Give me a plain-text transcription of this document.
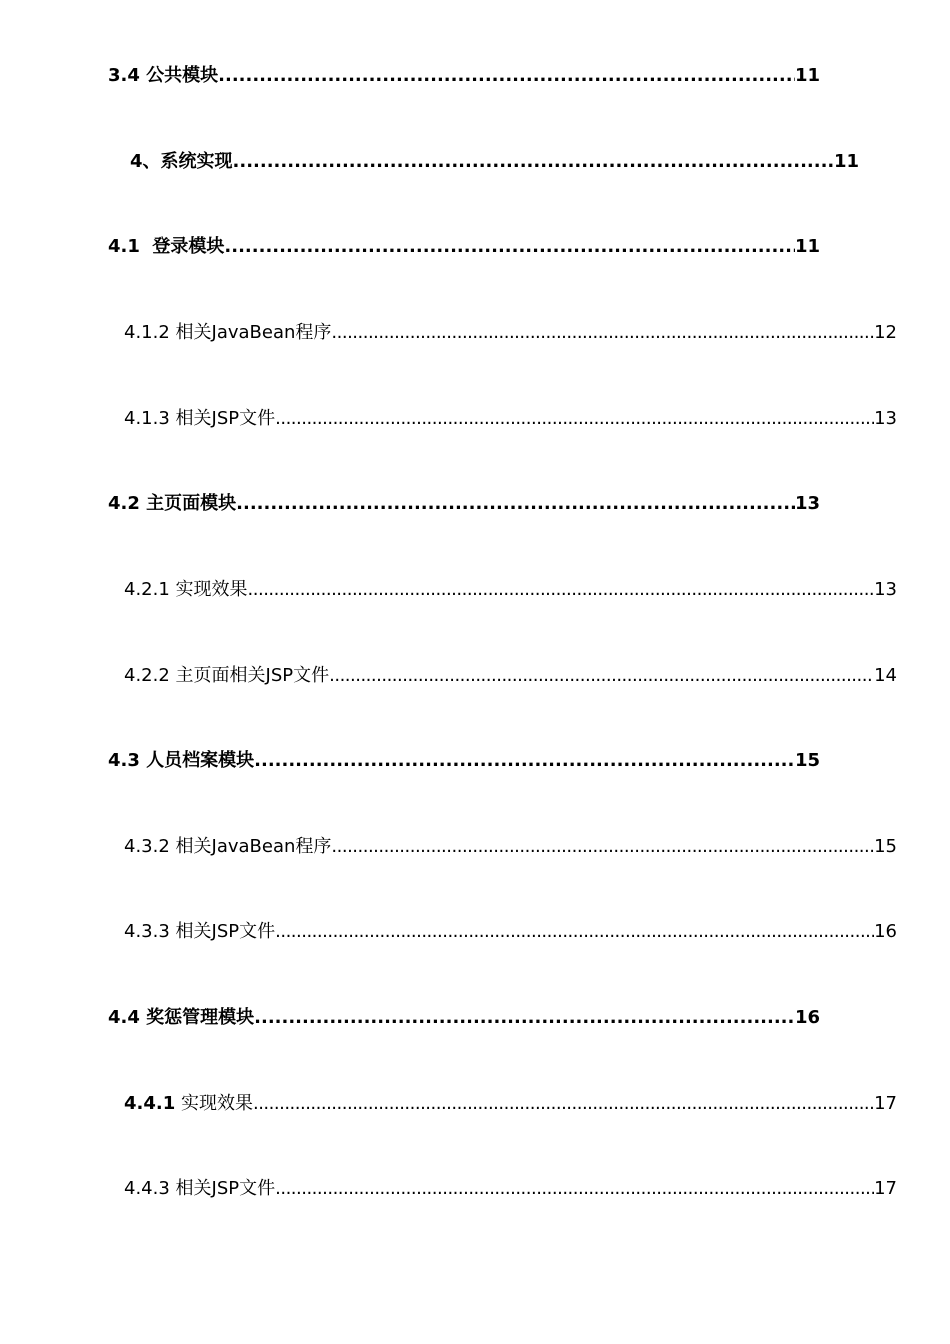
3.4 公共模块 .....	11
4、系统实现 .....	11
4.1  登录模块 .....	11
4.1.2 相关JavaBean程序 .....	12
4.1.3 相关JSP文件 .....	13
4.2 主页面模块 .....	13
4.2.1 实现效果 .....	13
4.2.2 主页面相关JSP文件 .....	14
4.3 人员档案模块 .....	15
4.3.2 相关JavaBean程序 .....	15
4.3.3 相关JSP文件 .....	16
4.4 奖惩管理模块 .....	16
4.4.1 实现效果 .....	17
4.4.3 相关JSP文件 .....	17
